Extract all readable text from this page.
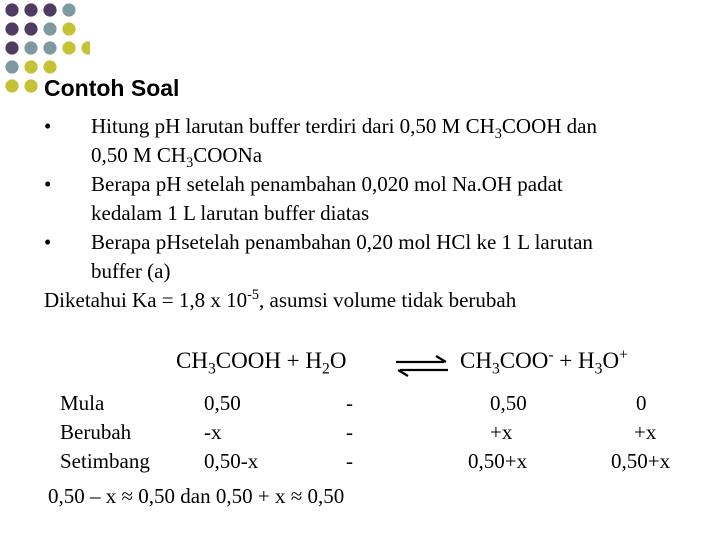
Contoh Soal
• Hitung pH larutan buffer terdiri dari 0,50 M $CH_3COOH$ dan
0,50 M $CH_3COONa$
• Berapa pH setelah penambahan 0,020 mol Na.OH padat
kedalam 1 L larutan buffer diatas
• Berapa pHsetelah penambahan 0,20 mol HCl ke 1 L larutan
buffer (a)
Diketahui Ka = 1,8 x $10^{-5}$, asumsi volume tidak berubah
$CH_3COOH + H_2O$	⇌ $CH_3COO^- + H_3O^+$
Mula
Berubah
Setimbang
0,50
-x
0,50-x
-
-
-
0,50
+x
0,50+x
0
+x
0,50+x
0,50 – x ≈ 0,50 dan 0,50 + x ≈ 0,50
